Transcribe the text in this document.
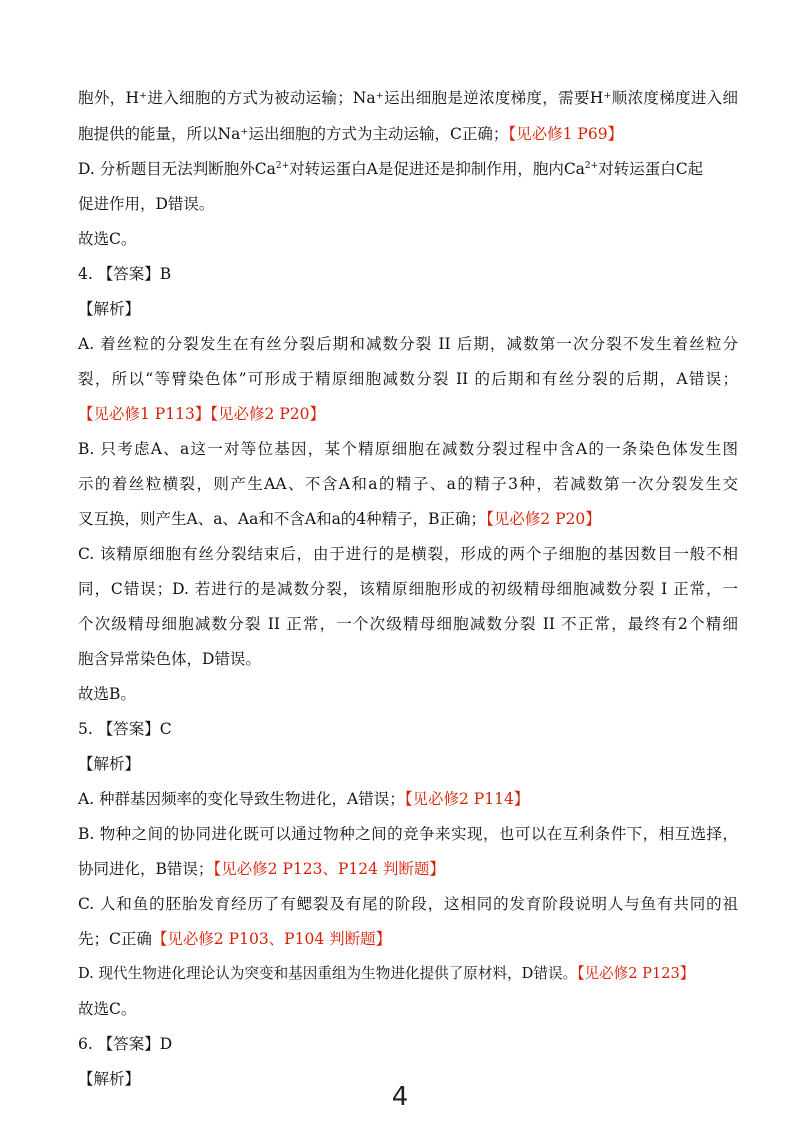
胞外，H⁺进入细胞的方式为被动运输；Na⁺运出细胞是逆浓度梯度，需要H⁺顺浓度梯度进入细
胞提供的能量，所以Na⁺运出细胞的方式为主动运输，C正确；【见必修1 P69】
D. 分析题目无法判断胞外$Ca^{2+}$对转运蛋白A是促进还是抑制作用，胞内$Ca^{2+}$对转运蛋白C起
促进作用，D错误。
故选C。
4. 【答案】B
【解析】
A. 着丝粒的分裂发生在有丝分裂后期和减数分裂 II 后期，减数第一次分裂不发生着丝粒分
裂，所以“等臂染色体”可形成于精原细胞减数分裂 II 的后期和有丝分裂的后期，A错误；
【见必修1 P113】【见必修2 P20】
B. 只考虑A、a这一对等位基因，某个精原细胞在减数分裂过程中含A的一条染色体发生图
示的着丝粒横裂，则产生AA、不含A和a的精子、a的精子3种，若减数第一次分裂发生交
叉互换，则产生A、a、Aa和不含A和a的4种精子，B正确；【见必修2 P20】
C. 该精原细胞有丝分裂结束后，由于进行的是横裂，形成的两个子细胞的基因数目一般不相
同，C错误；D. 若进行的是减数分裂，该精原细胞形成的初级精母细胞减数分裂 I 正常，一
个次级精母细胞减数分裂 II 正常，一个次级精母细胞减数分裂 II 不正常，最终有2个精细
胞含异常染色体，D错误。
故选B。
5. 【答案】C
【解析】
A. 种群基因频率的变化导致生物进化，A错误；【见必修2 P114】
B. 物种之间的协同进化既可以通过物种之间的竞争来实现，也可以在互利条件下，相互选择，
协同进化，B错误；【见必修2 P123、P124 判断题】
C. 人和鱼的胚胎发育经历了有鳃裂及有尾的阶段，这相同的发育阶段说明人与鱼有共同的祖
先；C正确【见必修2 P103、P104 判断题】
D. 现代生物进化理论认为突变和基因重组为生物进化提供了原材料，D错误。【见必修2 P123】
故选C。
6. 【答案】D
【解析】
4
